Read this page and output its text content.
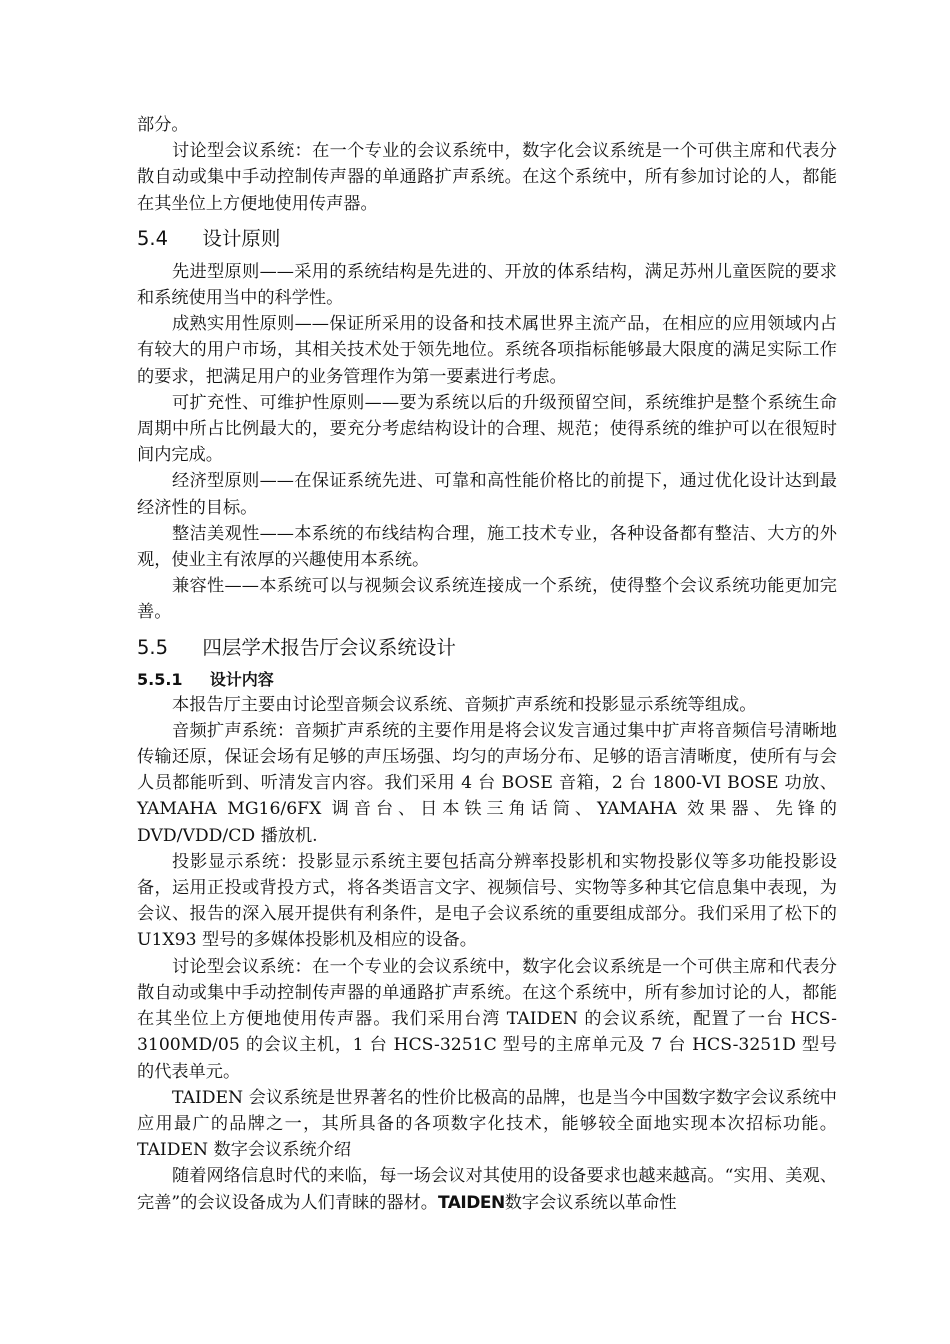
部分。

讨论型会议系统：在一个专业的会议系统中，数字化会议系统是一个可供主席和代表分散自动或集中手动控制传声器的单通路扩声系统。在这个系统中，所有参加讨论的人，都能在其坐位上方便地使用传声器。

5.4 设计原则

先进型原则——采用的系统结构是先进的、开放的体系结构，满足苏州儿童医院的要求和系统使用当中的科学性。

成熟实用性原则——保证所采用的设备和技术属世界主流产品，在相应的应用领域内占有较大的用户市场，其相关技术处于领先地位。系统各项指标能够最大限度的满足实际工作的要求，把满足用户的业务管理作为第一要素进行考虑。

可扩充性、可维护性原则——要为系统以后的升级预留空间，系统维护是整个系统生命周期中所占比例最大的，要充分考虑结构设计的合理、规范；使得系统的维护可以在很短时间内完成。

经济型原则——在保证系统先进、可靠和高性能价格比的前提下，通过优化设计达到最经济性的目标。

整洁美观性——本系统的布线结构合理，施工技术专业，各种设备都有整洁、大方的外观，使业主有浓厚的兴趣使用本系统。

兼容性——本系统可以与视频会议系统连接成一个系统，使得整个会议系统功能更加完善。

5.5 四层学术报告厅会议系统设计
5.5.1 设计内容

本报告厅主要由讨论型音频会议系统、音频扩声系统和投影显示系统等组成。

音频扩声系统：音频扩声系统的主要作用是将会议发言通过集中扩声将音频信号清晰地传输还原，保证会场有足够的声压场强、均匀的声场分布、足够的语言清晰度，使所有与会人员都能听到、听清发言内容。我们采用 4 台 BOSE 音箱，2 台 1800-VI BOSE 功放、YAMAHA MG16/6FX 调音台、日本铁三角话筒、YAMAHA 效果器、先锋的 DVD/VDD/CD 播放机.

投影显示系统：投影显示系统主要包括高分辨率投影机和实物投影仪等多功能投影设备，运用正投或背投方式，将各类语言文字、视频信号、实物等多种其它信息集中表现，为会议、报告的深入展开提供有利条件，是电子会议系统的重要组成部分。我们采用了松下的 U1X93 型号的多媒体投影机及相应的设备。

讨论型会议系统：在一个专业的会议系统中，数字化会议系统是一个可供主席和代表分散自动或集中手动控制传声器的单通路扩声系统。在这个系统中，所有参加讨论的人，都能在其坐位上方便地使用传声器。我们采用台湾 TAIDEN 的会议系统，配置了一台 HCS-3100MD/05 的会议主机，1 台 HCS-3251C 型号的主席单元及 7 台 HCS-3251D 型号的代表单元。

TAIDEN 会议系统是世界著名的性价比极高的品牌，也是当今中国数字数字会议系统中应用最广的品牌之一，其所具备的各项数字化技术，能够较全面地实现本次招标功能。TAIDEN 数字会议系统介绍

随着网络信息时代的来临，每一场会议对其使用的设备要求也越来越高。“实用、美观、完善”的会议设备成为人们青睐的器材。TAIDEN数字会议系统以革命性
